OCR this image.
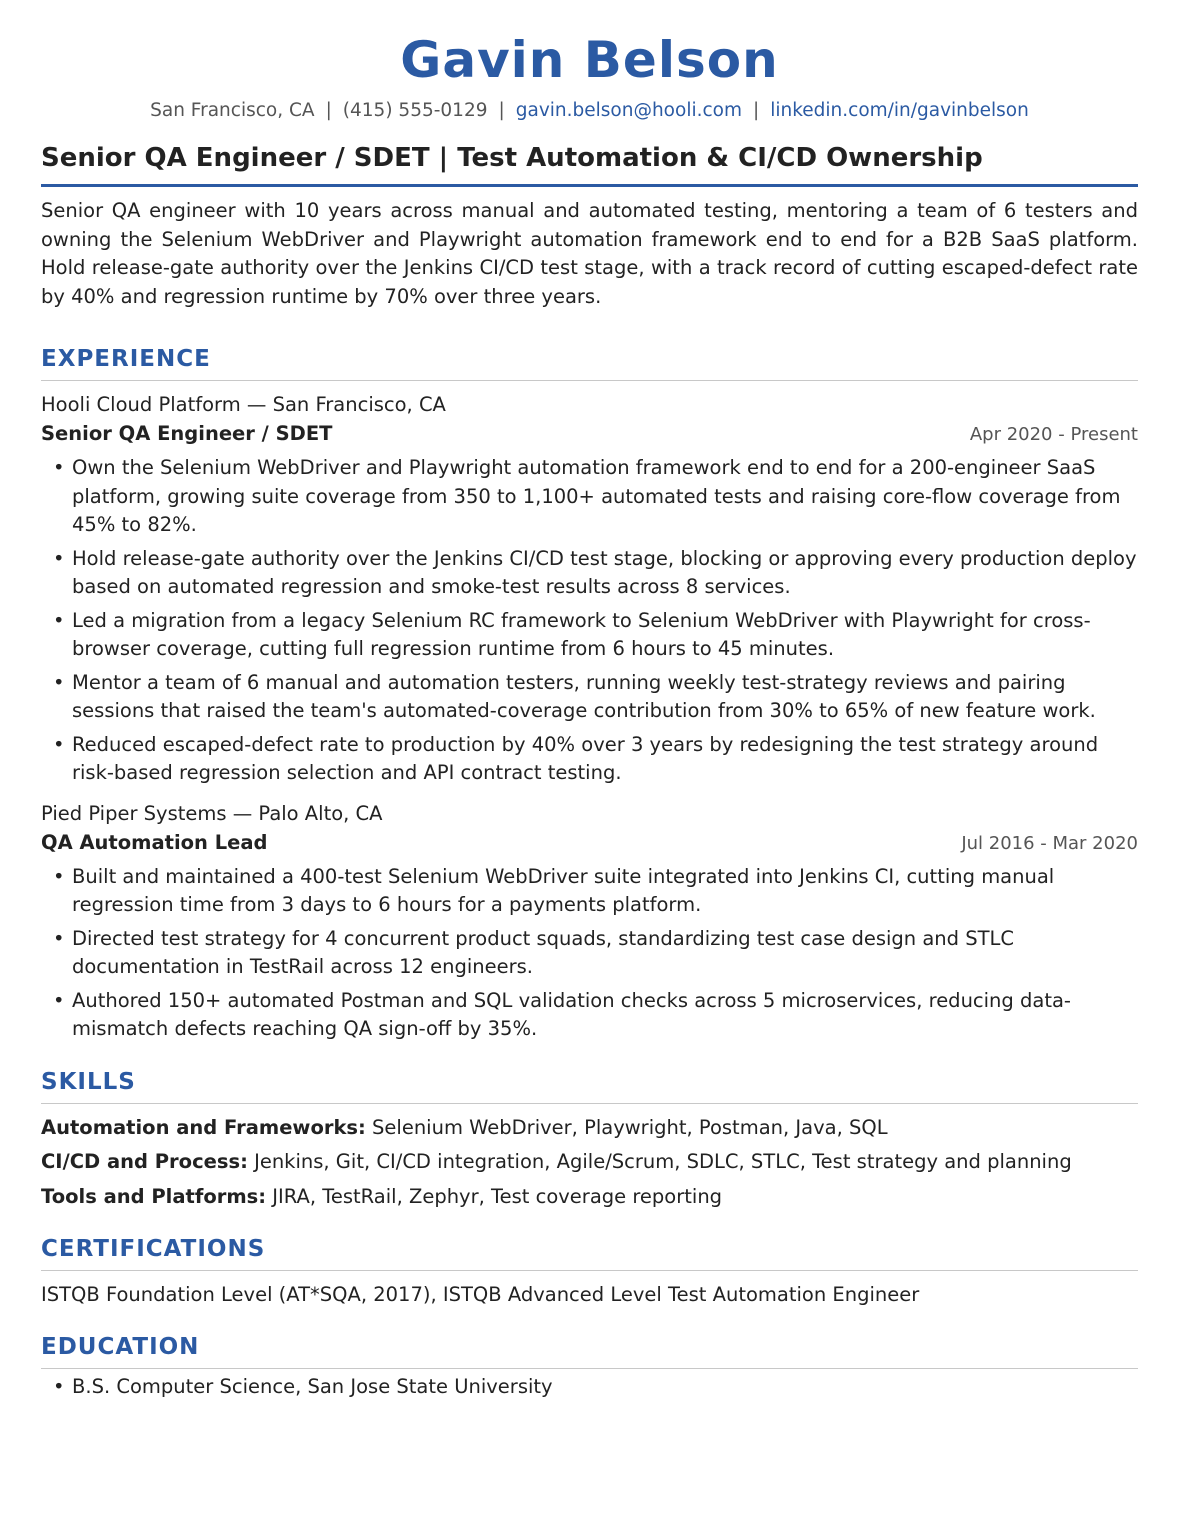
Gavin Belson
San Francisco, CA | (415) 555-0129 | gavin.belson@hooli.com | linkedin.com/in/gavinbelson
Senior QA Engineer / SDET | Test Automation & CI/CD Ownership
Senior QA engineer with 10 years across manual and automated testing, mentoring a team of 6 testers and owning the Selenium WebDriver and Playwright automation framework end to end for a B2B SaaS platform. Hold release-gate authority over the Jenkins CI/CD test stage, with a track record of cutting escaped-defect rate by 40% and regression runtime by 70% over three years.
EXPERIENCE
Hooli Cloud Platform — San Francisco, CA
Senior QA Engineer / SDET	Apr 2020 - Present
• Own the Selenium WebDriver and Playwright automation framework end to end for a 200-engineer SaaS platform, growing suite coverage from 350 to 1,100+ automated tests and raising core-flow coverage from 45% to 82%.
• Hold release-gate authority over the Jenkins CI/CD test stage, blocking or approving every production deploy based on automated regression and smoke-test results across 8 services.
• Led a migration from a legacy Selenium RC framework to Selenium WebDriver with Playwright for cross-browser coverage, cutting full regression runtime from 6 hours to 45 minutes.
• Mentor a team of 6 manual and automation testers, running weekly test-strategy reviews and pairing sessions that raised the team's automated-coverage contribution from 30% to 65% of new feature work.
• Reduced escaped-defect rate to production by 40% over 3 years by redesigning the test strategy around risk-based regression selection and API contract testing.
Pied Piper Systems — Palo Alto, CA
QA Automation Lead	Jul 2016 - Mar 2020
• Built and maintained a 400-test Selenium WebDriver suite integrated into Jenkins CI, cutting manual regression time from 3 days to 6 hours for a payments platform.
• Directed test strategy for 4 concurrent product squads, standardizing test case design and STLC documentation in TestRail across 12 engineers.
• Authored 150+ automated Postman and SQL validation checks across 5 microservices, reducing data-mismatch defects reaching QA sign-off by 35%.
SKILLS
Automation and Frameworks: Selenium WebDriver, Playwright, Postman, Java, SQL
CI/CD and Process: Jenkins, Git, CI/CD integration, Agile/Scrum, SDLC, STLC, Test strategy and planning
Tools and Platforms: JIRA, TestRail, Zephyr, Test coverage reporting
CERTIFICATIONS
ISTQB Foundation Level (AT*SQA, 2017), ISTQB Advanced Level Test Automation Engineer
EDUCATION
• B.S. Computer Science, San Jose State University
